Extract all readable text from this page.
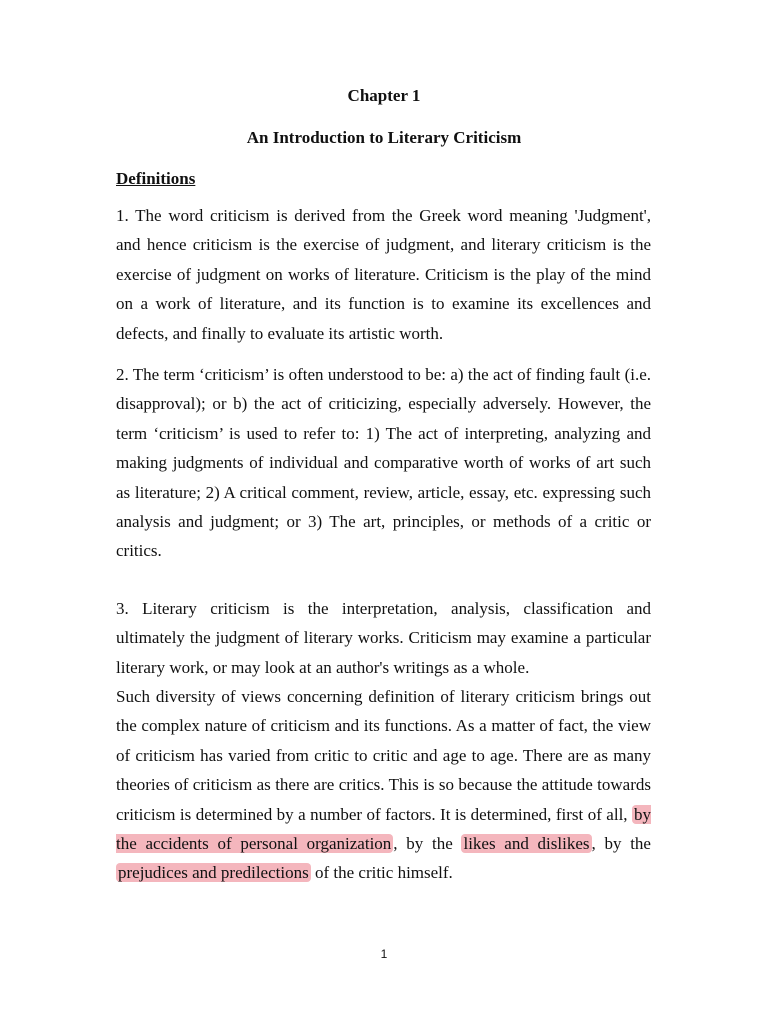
Chapter 1
An Introduction to Literary Criticism
Definitions

1. The word criticism is derived from the Greek word meaning 'Judgment', and hence criticism is the exercise of judgment, and literary criticism is the exercise of judgment on works of literature. Criticism is the play of the mind on a work of literature, and its function is to examine its excellences and defects, and finally to evaluate its artistic worth.

2. The term ‘criticism’ is often understood to be: a) the act of finding fault (i.e. disapproval); or b) the act of criticizing, especially adversely. However, the term ‘criticism’ is used to refer to: 1) The act of interpreting, analyzing and making judgments of individual and comparative worth of works of art such as literature; 2) A critical comment, review, article, essay, etc. expressing such analysis and judgment; or 3) The art, principles, or methods of a critic or critics.

3. Literary criticism is the interpretation, analysis, classification and ultimately the judgment of literary works. Criticism may examine a particular literary work, or may look at an author's writings as a whole.

Such diversity of views concerning definition of literary criticism brings out the complex nature of criticism and its functions. As a matter of fact, the view of criticism has varied from critic to critic and age to age. There are as many theories of criticism as there are critics. This is so because the attitude towards criticism is determined by a number of factors. It is determined, first of all, by the accidents of personal organization , by the likes and dislikes , by the prejudices and predilections of the critic himself.

1
